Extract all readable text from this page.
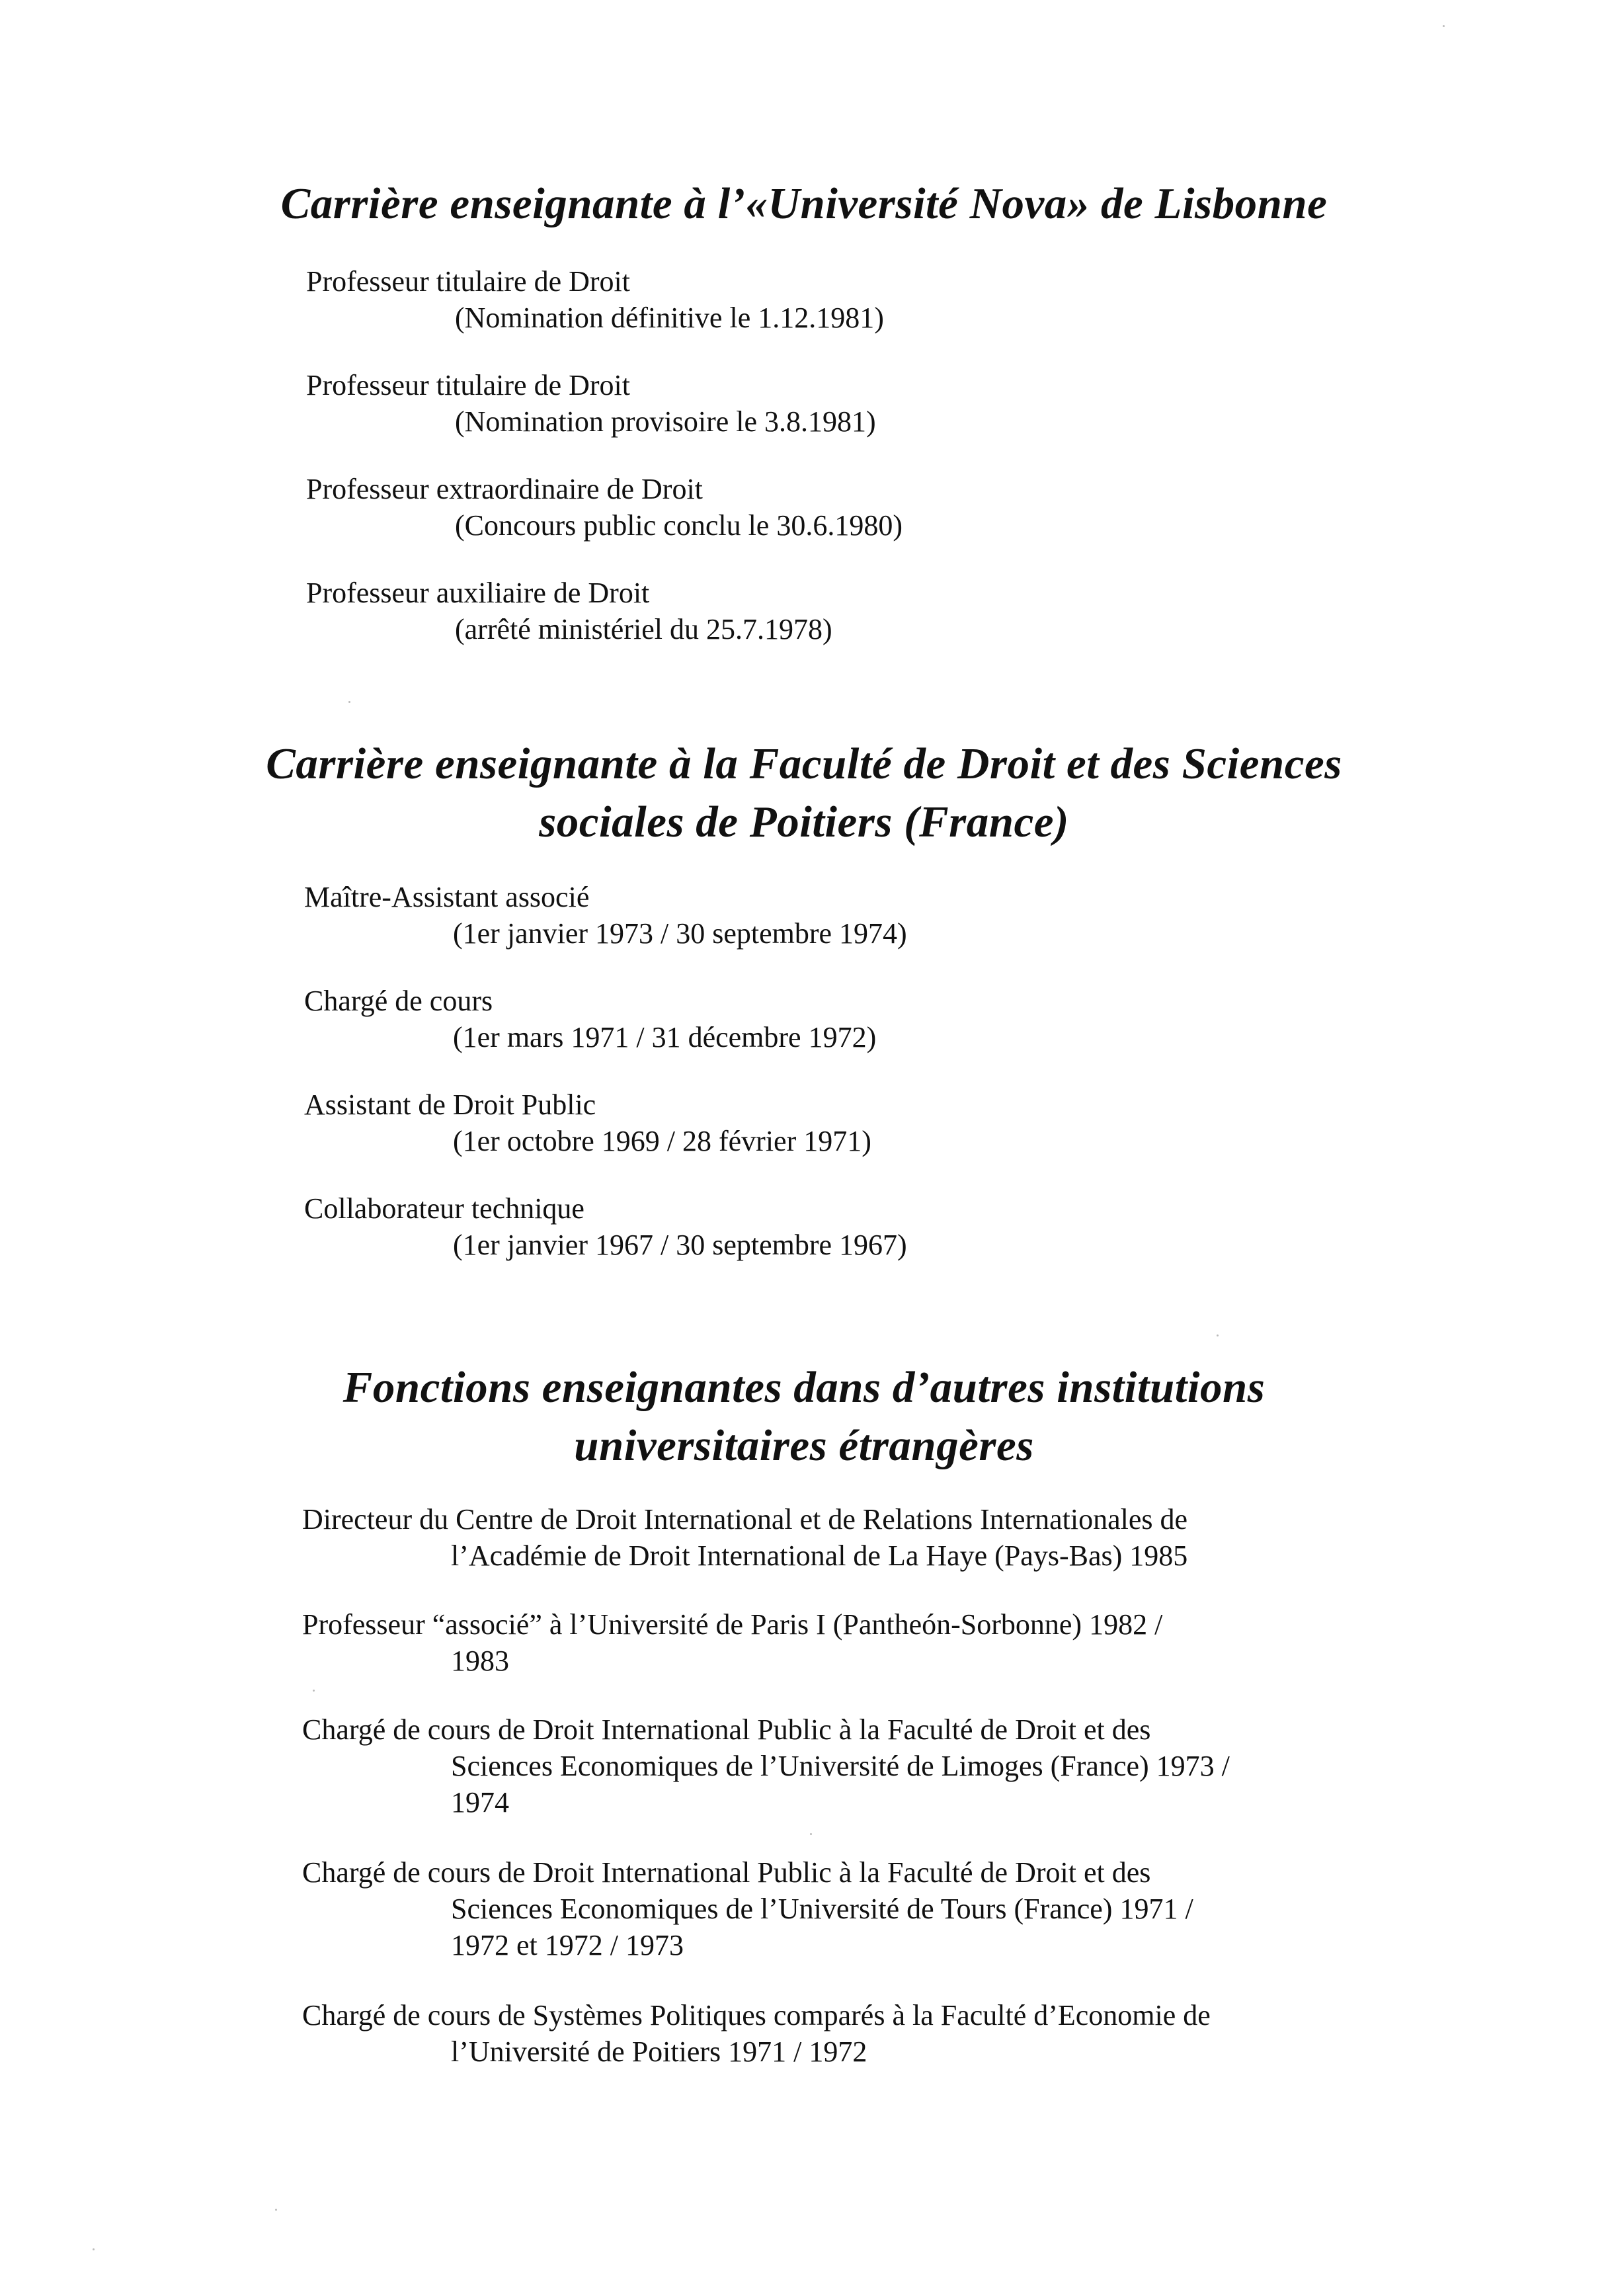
Carrière enseignante à l’«Université Nova» de Lisbonne
Professeur titulaire de Droit
(Nomination définitive le 1.12.1981)
Professeur titulaire de Droit
(Nomination provisoire le 3.8.1981)
Professeur extraordinaire de Droit
(Concours public conclu le 30.6.1980)
Professeur auxiliaire de Droit
(arrêté ministériel du 25.7.1978)
Carrière enseignante à la Faculté de Droit et des Sciences
sociales de Poitiers (France)
Maître-Assistant associé
(1er janvier 1973 / 30 septembre 1974)
Chargé de cours
(1er mars 1971 / 31 décembre 1972)
Assistant de Droit Public
(1er octobre 1969 / 28 février 1971)
Collaborateur technique
(1er janvier 1967 / 30 septembre 1967)
Fonctions enseignantes dans d’autres institutions
universitaires étrangères
Directeur du Centre de Droit International et de Relations Internationales de
l’Académie de Droit International de La Haye (Pays-Bas) 1985
Professeur “associé” à l’Université de Paris I (Pantheón-Sorbonne) 1982 /
1983
Chargé de cours de Droit International Public à la Faculté de Droit et des
Sciences Economiques de l’Université de Limoges (France) 1973 /
1974
Chargé de cours de Droit International Public à la Faculté de Droit et des
Sciences Economiques de l’Université de Tours (France) 1971 /
1972 et 1972 / 1973
Chargé de cours de Systèmes Politiques comparés à la Faculté d’Economie de
l’Université de Poitiers 1971 / 1972
